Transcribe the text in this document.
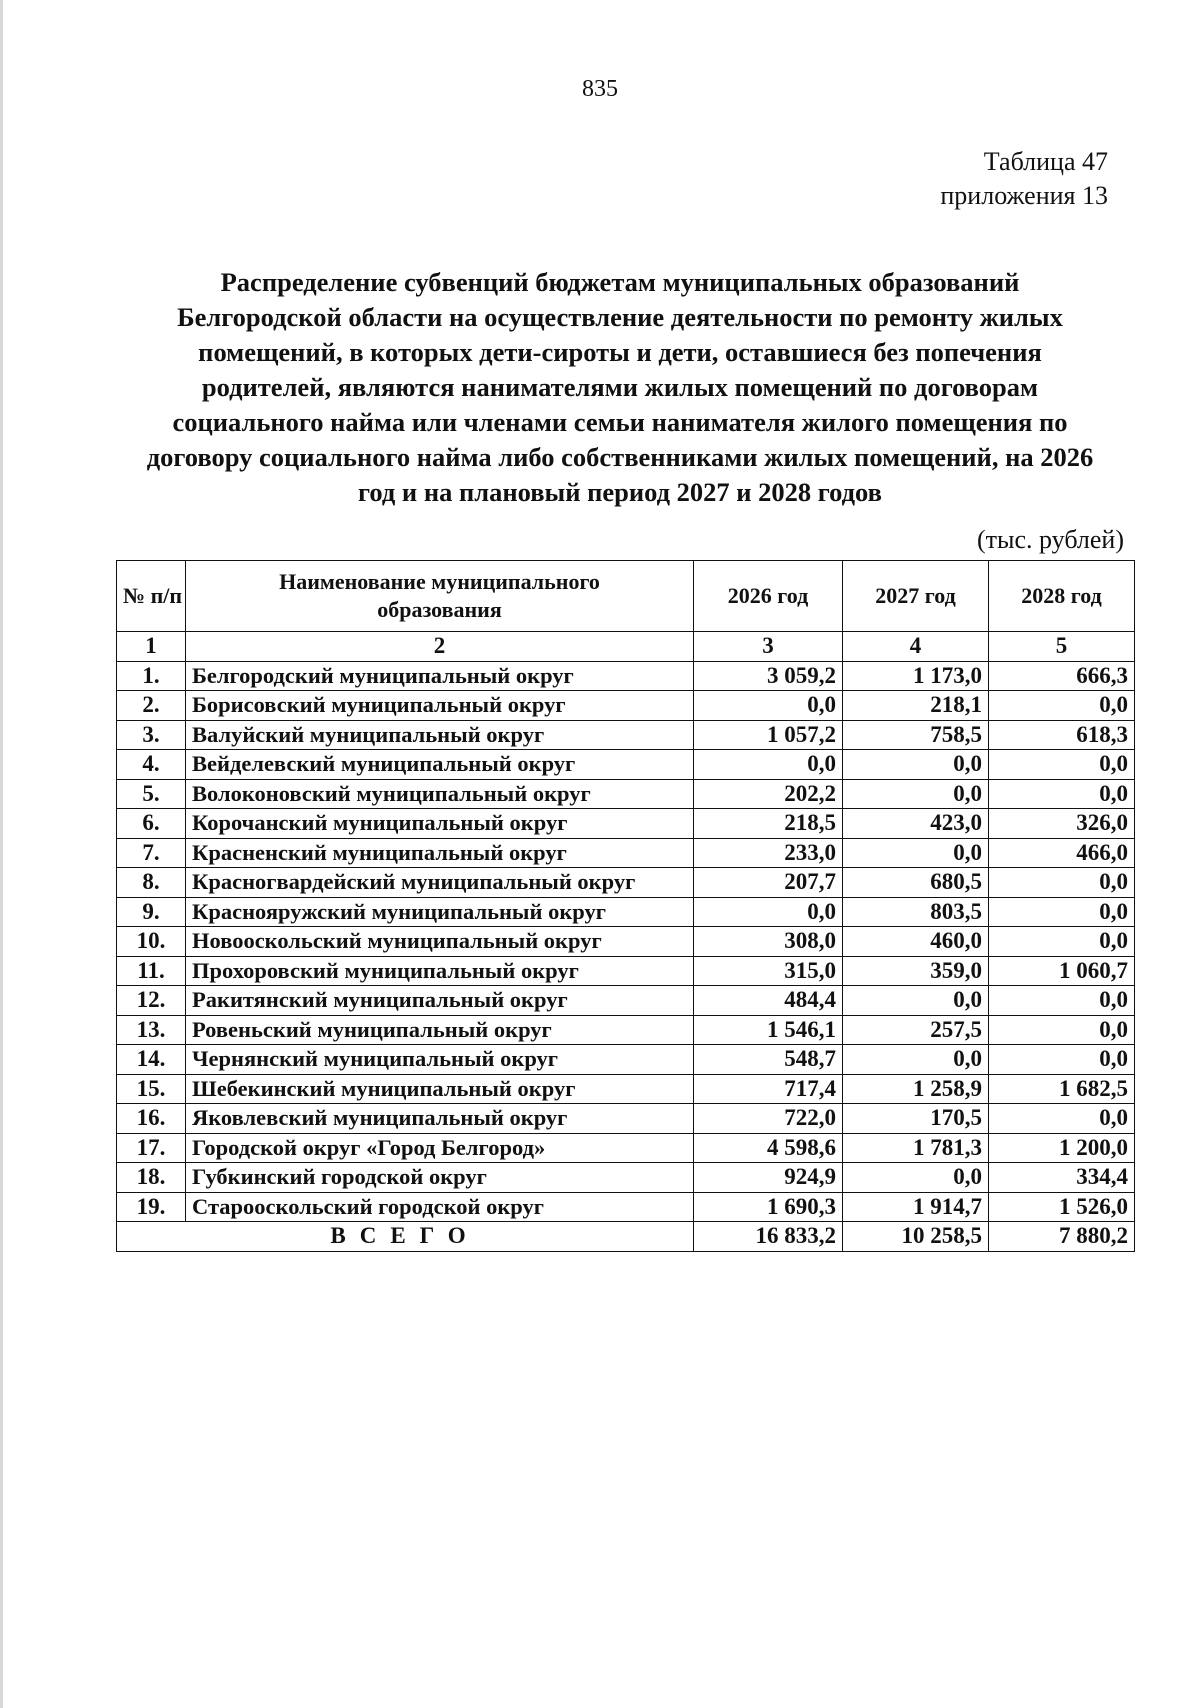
835
Таблица 47
приложения 13
Распределение субвенций бюджетам муниципальных образований Белгородской области на осуществление деятельности по ремонту жилых помещений, в которых дети-сироты и дети, оставшиеся без попечения родителей, являются нанимателями жилых помещений по договорам социального найма или членами семьи нанимателя жилого помещения по договору социального найма либо собственниками жилых помещений, на 2026 год и на плановый период 2027 и 2028 годов
(тыс. рублей)
№ п/п	Наименование муниципального образования	2026 год	2027 год	2028 год
1	2	3	4	5
1.	Белгородский муниципальный округ	3 059,2	1 173,0	666,3
2.	Борисовский муниципальный округ	0,0	218,1	0,0
3.	Валуйский муниципальный округ	1 057,2	758,5	618,3
4.	Вейделевский муниципальный округ	0,0	0,0	0,0
5.	Волоконовский муниципальный округ	202,2	0,0	0,0
6.	Корочанский муниципальный округ	218,5	423,0	326,0
7.	Красненский муниципальный округ	233,0	0,0	466,0
8.	Красногвардейский муниципальный округ	207,7	680,5	0,0
9.	Краснояружский муниципальный округ	0,0	803,5	0,0
10.	Новооскольский муниципальный округ	308,0	460,0	0,0
11.	Прохоровский муниципальный округ	315,0	359,0	1 060,7
12.	Ракитянский муниципальный округ	484,4	0,0	0,0
13.	Ровеньский муниципальный округ	1 546,1	257,5	0,0
14.	Чернянский муниципальный округ	548,7	0,0	0,0
15.	Шебекинский муниципальный округ	717,4	1 258,9	1 682,5
16.	Яковлевский муниципальный округ	722,0	170,5	0,0
17.	Городской округ «Город Белгород»	4 598,6	1 781,3	1 200,0
18.	Губкинский городской округ	924,9	0,0	334,4
19.	Старооскольский городской округ	1 690,3	1 914,7	1 526,0
ВСЕГО		16 833,2	10 258,5	7 880,2
